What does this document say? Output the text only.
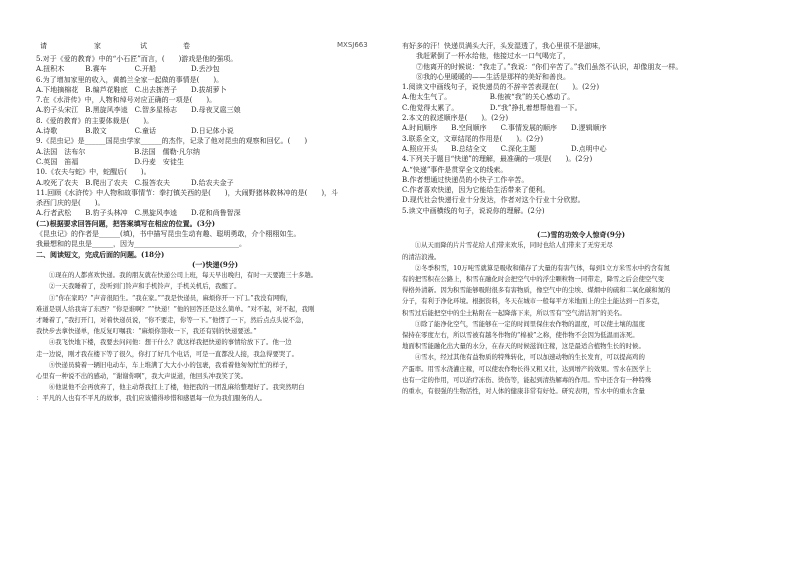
请	家	试	卷	MXSJ663
5.对于《爱的教育》中的“小石匠”而言，(　　)游戏是他的强项。
A.扭积木　　　B.赛车　　　　C.开船　　　　　D.丢沙包
6.为了增加家里的收入，黄鹤兰全家一起做的事情是(　　)。
A.下地摘棉花　B.编芦花鞋底　C.出去拣菩子　　D.拔胡萝卜
7.在《水浒传》中，人物和绰号对应正确的一项是(　　)。
A.豹子头宋江　B.黑旋风李逵　C.智多星杨志　　D.母夜叉扈三娘
8.《爱的教育》的主要体裁是(　　)。
A.诗歌　　　　B.散文　　　　C.童话　　　　　D.日记体小说
9.《昆虫记》是______国昆虫学家______的杰作，记录了他对昆虫的观察和回忆。(　　)
A.法国　法布尔　　　　　　　B.法国　儒勒·凡尔纳
C.英国　笛福　　　　　　　　D.丹麦　安徒生
10.《农夫与蛇》中，蛇醒后(　　)。
A.咬死了农夫　B.爬出了农夫　C.报答农夫　　　D.给农夫金子
11.回顾《水浒传》中人物和故事情节：拳打镇关西的是(　　)，大闹野猪林救林冲的是(　　)，斗
杀西门庆的是(　　)。
A.行者武松　　B.豹子头林冲　C.黑旋风李逵　　D.花和尚鲁智深
(二)根据要求回答问题，把答案填写在相应的位置。(3分)
《昆虫记》的作者是______(填)，书中描写昆虫生动有趣、聪明勇敢，介个栩栩如生。
我最想和的昆虫是______，因为______________________________。
二、阅读短文，完成后面的问题。(18分)
(一)快递(9分)
　　①现在的人都喜欢快递。我的朋友就在快递公司上班，每天早出晚归，有时一天要跑三十多趟。
　　②一天我睡着了，没听到门铃声和手机铃声，手机关机后，我醒了。
　　③“你在家吗？”声音很陌生。“我在家。”“我是快递员，麻烦你开一下门。”我没有网购，
难道是别人给我寄了东西？“你是谁啊？”“快递！”他的回答还是这么简单。“对不起，对不起，我刚
才睡着了，”我打开门，对着快递员说，“你不要走，你等一下。”他愣了一下，然后点点头说不急，
我快步去拿快递单，他反复叮嘱我：“麻烦你签收一下，我还有别的快递要送。”
　　④我飞快地下楼，我要去问问他：想干什么？就这样我把快递的事情给放下了。他一边
走一边说，刚才我在楼下等了很久，你打了好几个电话，可是一直都没人接，我急得要哭了。
　　⑤快递员骑着一辆旧电动车，车上堆满了大大小小的包裹，我看着他匆匆忙忙的样子，
心里有一种说不出的感动，“谢谢你啊”，我大声说道，他回头冲我笑了笑。
　　⑥他说他不会再放弃了，他主动帮我扛上了楼，他把我的一团乱麻给整理好了。我突然明白
：平凡的人也有不平凡的故事，我们应该懂得珍惜和感恩每一位为我们服务的人。
有好多的汗！快递员满头大汗，头发湿透了，我心里很不是滋味，
　　我赶紧倒了一杯水给他，他接过水一口气喝完了，
　　⑦他离开的时候说：“我走了。”我说：“你们辛苦了。”我们虽然不认识，却像朋友一样。
　　⑧我的心里暖暖的——生活是那样的美好和善良。
1.阅读文中画线句子，说快递员的不辞辛苦表现在(　　)。(2分)
A.他太生气了。　　　　　　B.他被“我”的关心感动了。
C.他觉得太累了。　　　　　D.“我”挣扎着想帮他看一下。
2.本文的叙述顺序是(　　)。(2分)
A.时间顺序　　B.空间顺序　　C.事情发展的顺序　　D.逻辑顺序
3.联系全文，文章结尾的作用是(　　)。(2分)
A.照应开头　　B.总结全文　　C.深化主题　　　　　D.点明中心
4.下列关于题目“快递”的理解，最准确的一项是(　　)。(2分)
A.“快递”事件是贯穿全文的线索。
B.作者想通过快递员的小快子工作辛苦。
C.作者喜欢快递，因为它能给生活带来了便利。
D.现代社会快递行业十分发达，作者对这个行业十分欣慰。
5.读文中画横线的句子，说说你的理解。(2分)
(二)雪的功效令人惊奇(9分)
　　①从天而降的片片雪花给人们带来欢乐，同时也给人们带来了无穷无尽
的清洁浪漫。
　　②冬季积雪，10万吨雪就算是吸收和储存了大量的有害气体，每到1立方米雪水中约含有氮
有的把雪积在公路上，积雪在融化时会把空气中的浮尘颗粒物一同带走，降雪之后会使空气变
得格外清新。因为积雪能够吸附很多有害物质，像空气中的尘埃、煤烟中的硫和二氧化碳和氮的
分子，有利于净化环境。根据资料，冬天在城市一般每平方米地面上的尘土能达到一百多克，
积雪过后能把空中的尘土粘附在一起降落下来，所以雪有“空气清洁剂”的美名。
　　③除了能净化空气，雪能够在一定的时间里保住农作物的温度，可以使土壤的温度
保持在零度左右，所以雪被有越冬作物的“棉被”之称，使作物不会因为低温而冻死。
地面积雪能融化出大量的水分，在春天的时候滋润庄稼，这是最适合植物生长的时候。
　　④雪水，经过其他有益物质的特殊转化，可以加速动物的生长发育，可以提高鸡的
产蛋率。用雪水浇灌庄稼，可以使农作物长得又粗又壮，达到增产的效果。雪水在医学上
也有一定的作用，可以治疗冻伤、烫伤等，能起到清热解毒的作用。雪中还含有一种特殊
的重水，有很强的生物活性，对人体的健康非常有好处。研究表明，雪水中的重水含量
